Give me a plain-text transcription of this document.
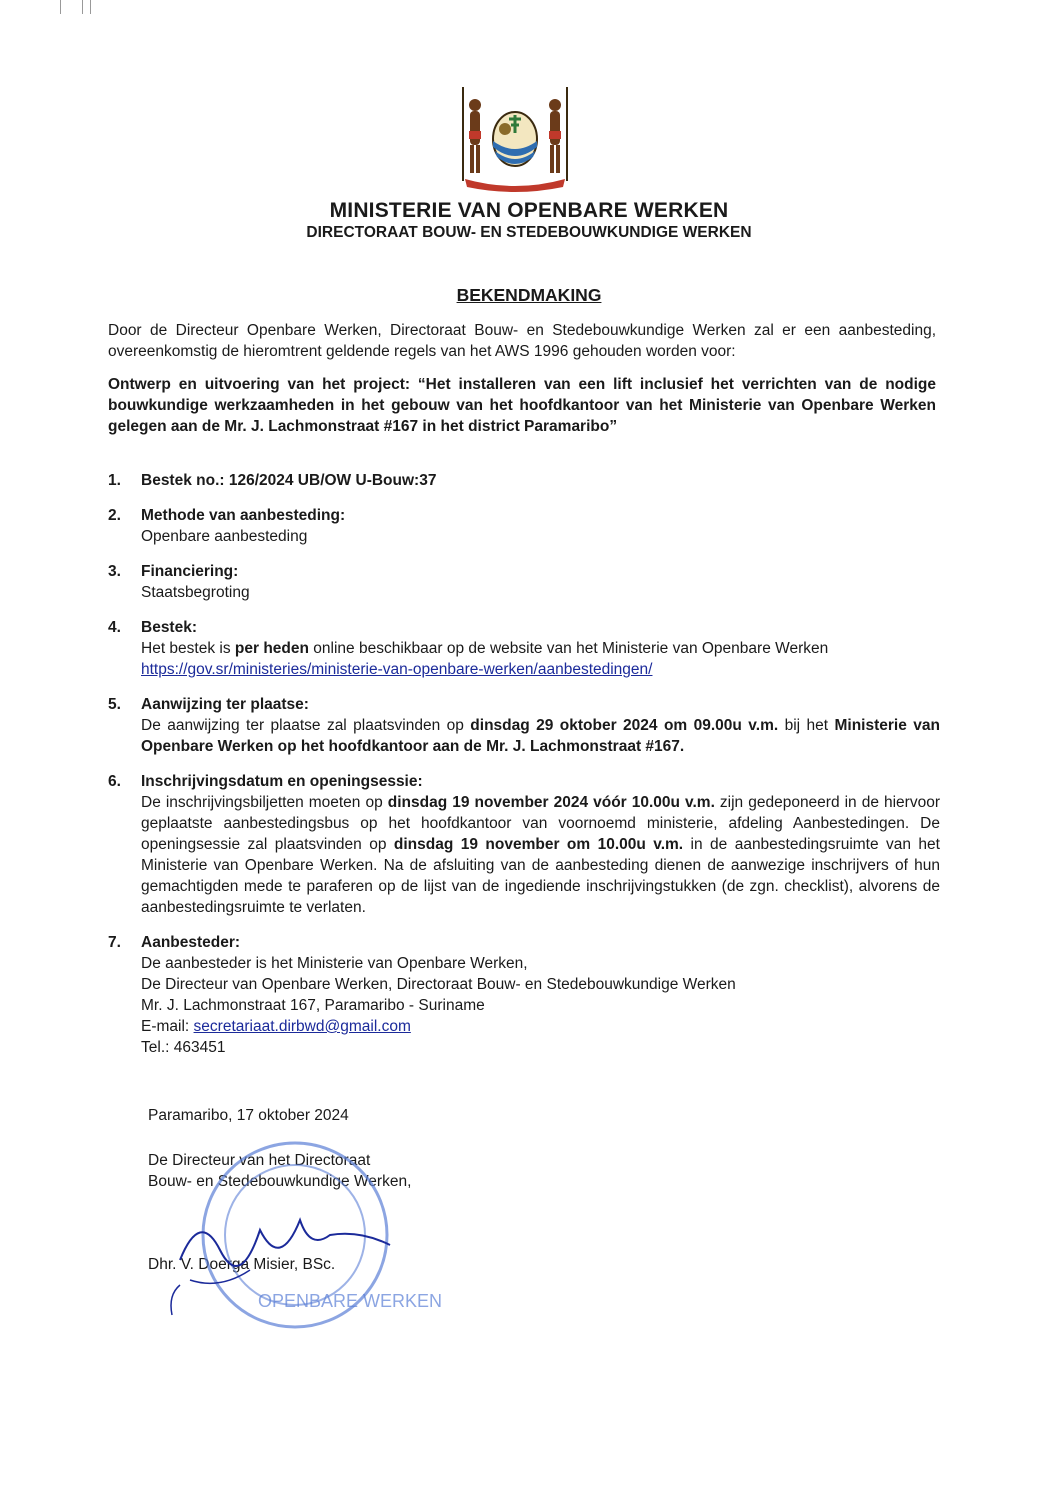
MINISTERIE VAN OPENBARE WERKEN
DIRECTORAAT BOUW- EN STEDEBOUWKUNDIGE WERKEN
BEKENDMAKING
Door de Directeur Openbare Werken, Directoraat Bouw- en Stedebouwkundige Werken zal er een aanbesteding, overeenkomstig de hieromtrent geldende regels van het AWS 1996 gehouden worden voor:
Ontwerp en uitvoering van het project: “Het installeren van een lift inclusief het verrichten van de nodige bouwkundige werkzaamheden in het gebouw van het hoofdkantoor van het Ministerie van Openbare Werken gelegen aan de Mr. J. Lachmonstraat #167 in het district Paramaribo”
1.	Bestek no.: 126/2024 UB/OW U-Bouw:37
2.	Methode van aanbesteding:
Openbare aanbesteding
3.	Financiering:
Staatsbegroting
4.	Bestek:
Het bestek is per heden online beschikbaar op de website van het Ministerie van Openbare Werken
https://gov.sr/ministeries/ministerie-van-openbare-werken/aanbestedingen/
5.	Aanwijzing ter plaatse:
De aanwijzing ter plaatse zal plaatsvinden op dinsdag 29 oktober 2024 om 09.00u v.m. bij het Ministerie van Openbare Werken op het hoofdkantoor aan de Mr. J. Lachmonstraat #167.
6.	Inschrijvingsdatum en openingsessie:
De inschrijvingsbiljetten moeten op dinsdag 19 november 2024 vóór 10.00u v.m. zijn gedeponeerd in de hiervoor geplaatste aanbestedingsbus op het hoofdkantoor van voornoemd ministerie, afdeling Aanbestedingen. De openingsessie zal plaatsvinden op dinsdag 19 november om 10.00u v.m. in de aanbestedingsruimte van het Ministerie van Openbare Werken. Na de afsluiting van de aanbesteding dienen de aanwezige inschrijvers of hun gemachtigden mede te paraferen op de lijst van de ingediende inschrijvingstukken (de zgn. checklist), alvorens de aanbestedingsruimte te verlaten.
7.	Aanbesteder:
De aanbesteder is het Ministerie van Openbare Werken,
De Directeur van Openbare Werken, Directoraat Bouw- en Stedebouwkundige Werken
Mr. J. Lachmonstraat 167, Paramaribo - Suriname
E-mail: secretariaat.dirbwd@gmail.com
Tel.: 463451
Paramaribo, 17 oktober 2024
De Directeur van het Directoraat
Bouw- en Stedebouwkundige Werken,
Dhr. V. Doerga Misier, BSc.
OPENBARE WERKEN
